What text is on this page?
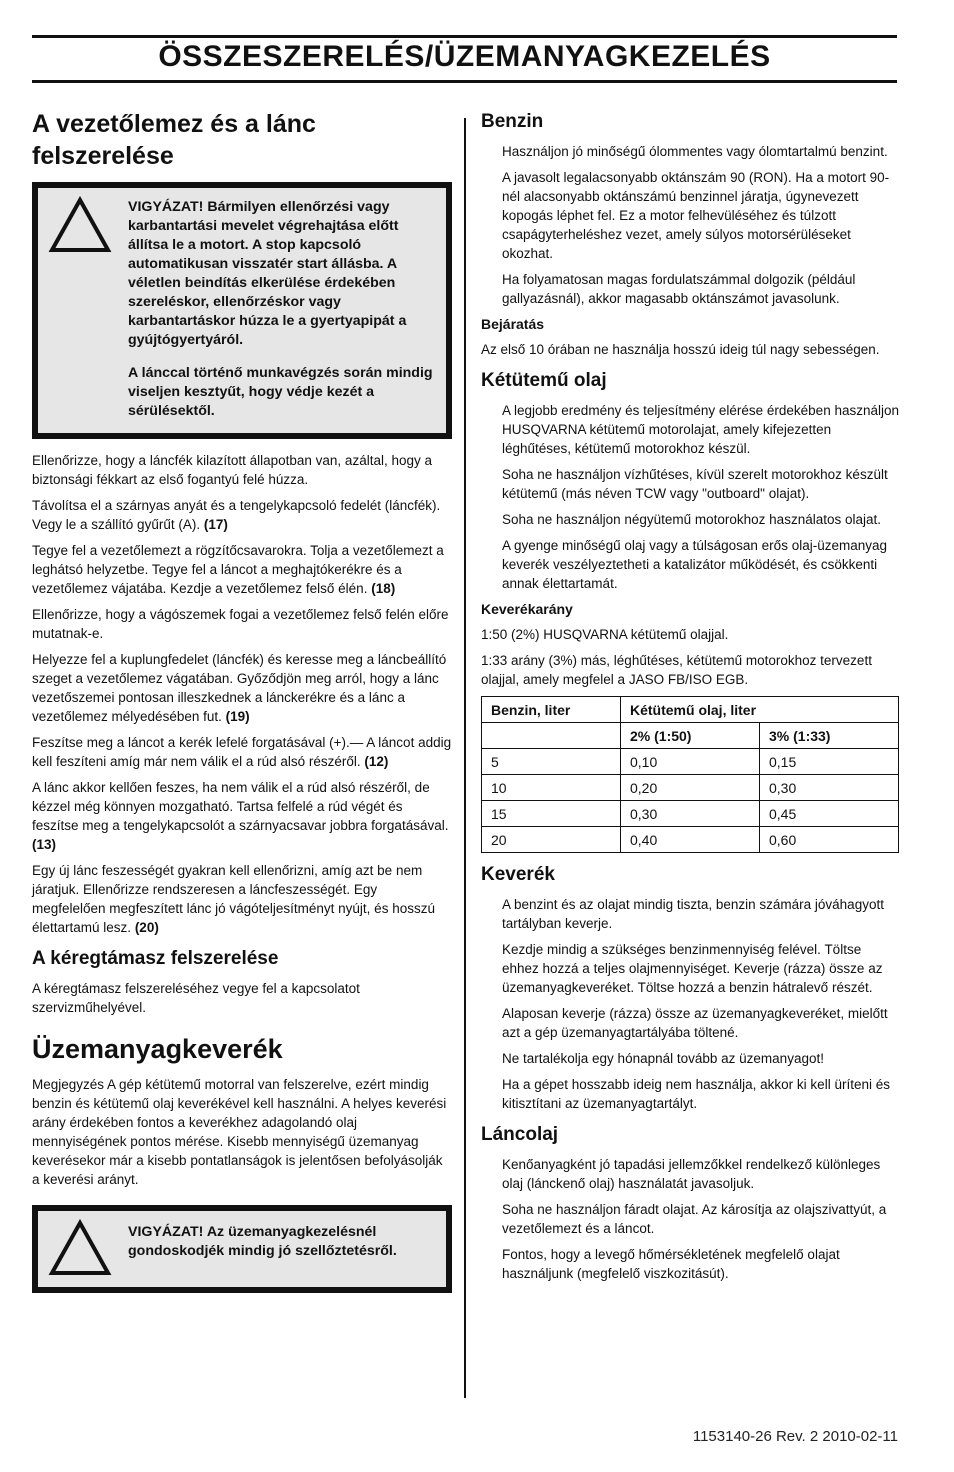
ÖSSZESZERELÉS/ÜZEMANYAGKEZELÉS
A vezetőlemez és a lánc felszerelése

VIGYÁZAT! Bármilyen ellenőrzési vagy karbantartási mevelet végrehajtása előtt állítsa le a motort. A stop kapcsoló automatikusan visszatér start állásba. A véletlen beindítás elkerülése érdekében szereléskor, ellenőrzéskor vagy karbantartáskor húzza le a gyertyapipát a gyújtógyertyáról.

A lánccal történő munkavégzés során mindig viseljen kesztyűt, hogy védje kezét a sérülésektől.

Ellenőrizze, hogy a láncfék kilazított állapotban van, azáltal, hogy a biztonsági fékkart az első fogantyú felé húzza.

Távolítsa el a szárnyas anyát és a tengelykapcsoló fedelét (láncfék). Vegy le a szállító gyűrűt (A). (17)

Tegye fel a vezetőlemezt a rögzítőcsavarokra. Tolja a vezetőlemezt a leghátsó helyzetbe. Tegye fel a láncot a meghajtókerékre és a vezetőlemez vájatába. Kezdje a vezetőlemez felső élén. (18)

Ellenőrizze, hogy a vágószemek fogai a vezetőlemez felső felén előre mutatnak-e.

Helyezze fel a kuplungfedelet (láncfék) és keresse meg a láncbeállító szeget a vezetőlemez vágatában. Győződjön meg arról, hogy a lánc vezetőszemei pontosan illeszkednek a lánckerékre és a lánc a vezetőlemez mélyedésében fut. (19)

Feszítse meg a láncot a kerék lefelé forgatásával (+).— A láncot addig kell feszíteni amíg már nem válik el a rúd alsó részéről. (12)

A lánc akkor kellően feszes, ha nem válik el a rúd alsó részéről, de kézzel még könnyen mozgatható. Tartsa felfelé a rúd végét és feszítse meg a tengelykapcsolót a szárnyacsavar jobbra forgatásával. (13)

Egy új lánc feszességét gyakran kell ellenőrizni, amíg azt be nem járatjuk. Ellenőrizze rendszeresen a láncfeszességét. Egy megfelelően megfeszített lánc jó vágóteljesítményt nyújt, és hosszú élettartamú lesz. (20)

A kéregtámasz felszerelése

A kéregtámasz felszereléséhez vegye fel a kapcsolatot szervizműhelyével.

Üzemanyagkeverék

Megjegyzés A gép kétütemű motorral van felszerelve, ezért mindig benzin és kétütemű olaj keverékével kell használni. A helyes keverési arány érdekében fontos a keverékhez adagolandó olaj mennyiségének pontos mérése. Kisebb mennyiségű üzemanyag keverésekor már a kisebb pontatlanságok is jelentősen befolyásolják a keverési arányt.

VIGYÁZAT! Az üzemanyagkezelésnél gondoskodjék mindig jó szellőztetésről.

Benzin

Használjon jó minőségű ólommentes vagy ólomtartalmú benzint.

A javasolt legalacsonyabb oktánszám 90 (RON). Ha a motort 90-nél alacsonyabb oktánszámú benzinnel járatja, úgynevezett kopogás léphet fel. Ez a motor felhevüléséhez és túlzott csapágyterheléshez vezet, amely súlyos motorsérüléseket okozhat.

Ha folyamatosan magas fordulatszámmal dolgozik (például gallyazásnál), akkor magasabb oktánszámot javasolunk.

Bejáratás

Az első 10 órában ne használja hosszú ideig túl nagy sebességen.

Kétütemű olaj

A legjobb eredmény és teljesítmény elérése érdekében használjon HUSQVARNA kétütemű motorolajat, amely kifejezetten léghűtéses, kétütemű motorokhoz készül.

Soha ne használjon vízhűtéses, kívül szerelt motorokhoz készült kétütemű (más néven TCW vagy "outboard" olajat).

Soha ne használjon négyütemű motorokhoz használatos olajat.

A gyenge minőségű olaj vagy a túlságosan erős olaj-üzemanyag keverék veszélyeztetheti a katalizátor működését, és csökkenti annak élettartamát.

Keverékarány

1:50 (2%) HUSQVARNA kétütemű olajjal.

1:33 arány (3%) más, léghűtéses, kétütemű motorokhoz tervezett olajjal, amely megfelel a JASO FB/ISO EGB.

Benzin, liter	Kétütemű olaj, liter	
	2% (1:50)	3% (1:33)
5	0,10	0,15
10	0,20	0,30
15	0,30	0,45
20	0,40	0,60
Keverék

A benzint és az olajat mindig tiszta, benzin számára jóváhagyott tartályban keverje.

Kezdje mindig a szükséges benzinmennyiség felével. Töltse ehhez hozzá a teljes olajmennyiséget. Keverje (rázza) össze az üzemanyagkeveréket. Töltse hozzá a benzin hátralevő részét.

Alaposan keverje (rázza) össze az üzemanyagkeveréket, mielőtt azt a gép üzemanyagtartályába töltené.

Ne tartalékolja egy hónapnál tovább az üzemanyagot!

Ha a gépet hosszabb ideig nem használja, akkor ki kell üríteni és kitisztítani az üzemanyagtartályt.

Láncolaj

Kenőanyagként jó tapadási jellemzőkkel rendelkező különleges olaj (lánckenő olaj) használatát javasoljuk.

Soha ne használjon fáradt olajat. Az károsítja az olajszivattyút, a vezetőlemezt és a láncot.

Fontos, hogy a levegő hőmérsékletének megfelelő olajat használjunk (megfelelő viszkozitásút).

1153140-26 Rev. 2 2010-02-11
